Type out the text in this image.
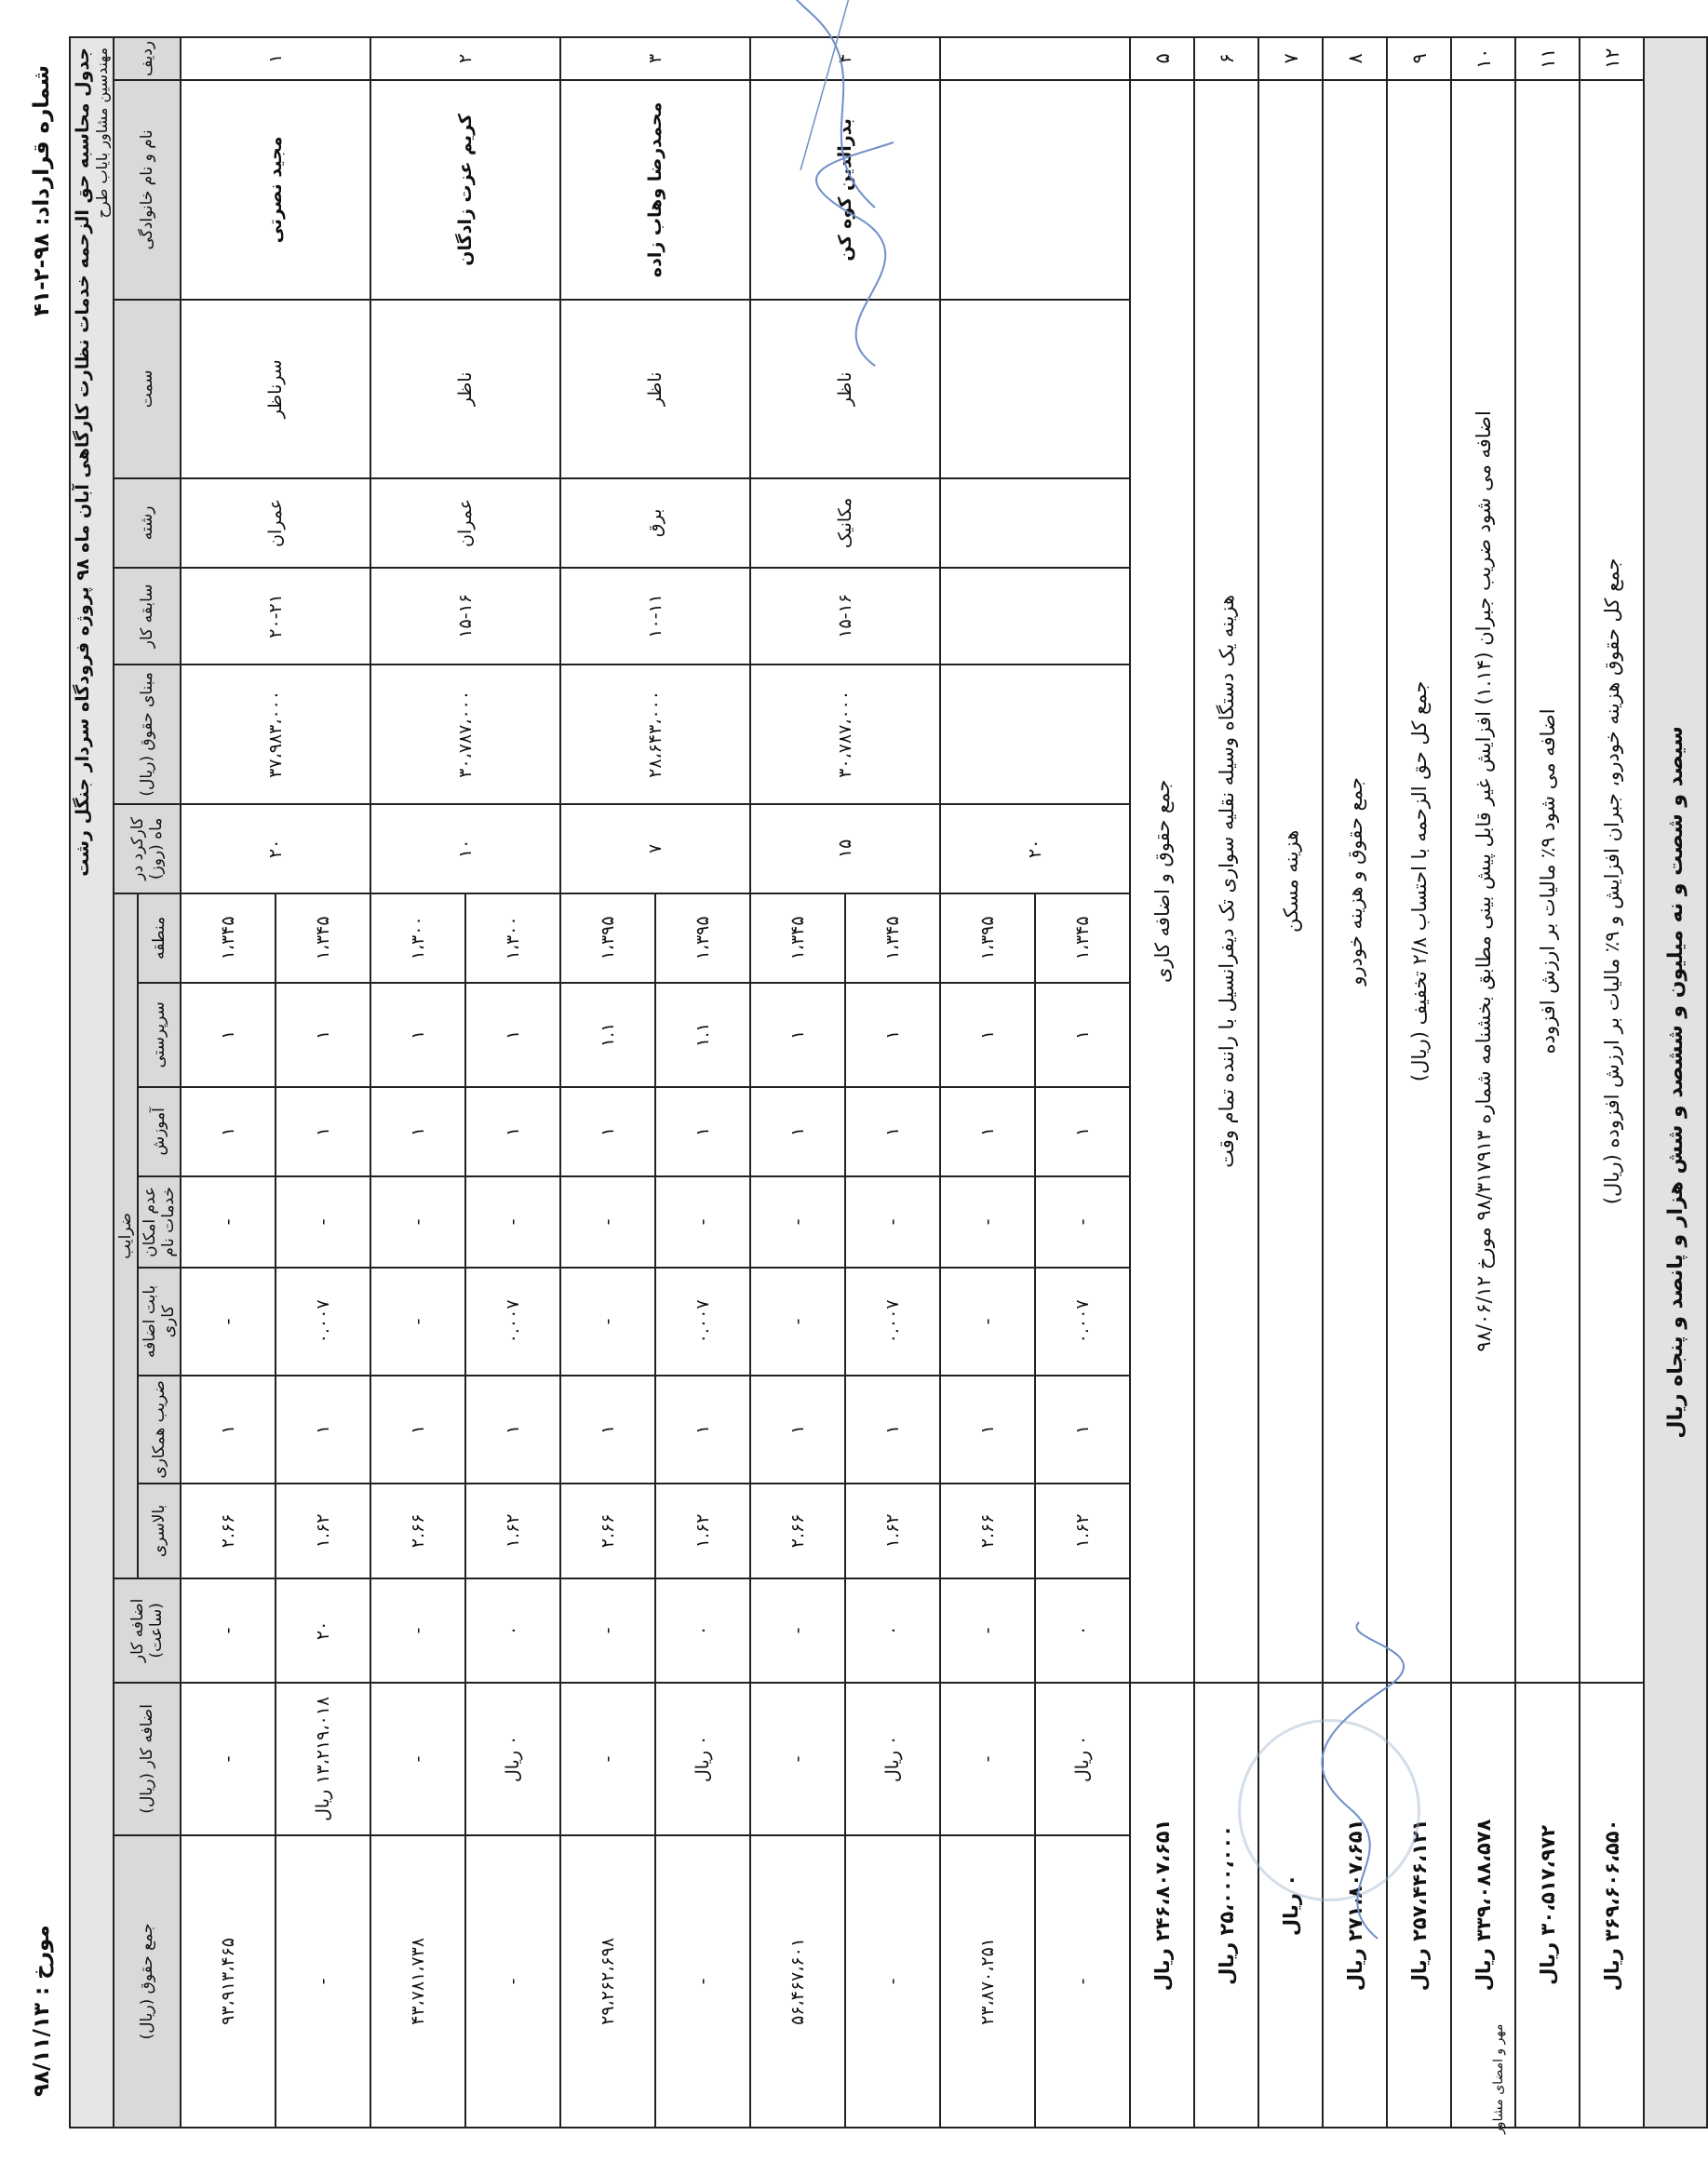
شماره قرارداد: ۹۸-۲-۴۱
مورخ : ۹۸/۱۱/۱۳
جدول محاسبه حق الزحمه خدمات نظارت کارگاهی آبان ماه ۹۸ پروژه فرودگاه سردار جنگل رشت مهندسین مشاور بایاب طرح																

ردیف	نام و نام خانوادگی	سمت	رشته	سابقه کار	مبنای حقوق (ریال)	کارکرد در ماه (روز)	ضرایب							اضافه کار (ساعت)	اضافه کار (ریال)	جمع حقوق (ریال)
							منطقه	سرپرستی	آموزش	عدم امکان خدمات نام	بابت اضافه کاری	ضریب همکاری	بالاسری			
۱	مجید نصرتی	سرناظر	عمران	۲۰-۲۱	۳۷،۹۸۳،۰۰۰	۲۰	۱،۳۴۵	۱	۱	-	-	۱	۲.۶۶	-	-	۹۳،۹۱۳،۴۶۵
							۱،۳۴۵	۱	۱	-	۰.۰۰۷	۱	۱.۶۲	۲۰	۱۳،۲۱۹،۰۱۸ ریال	-
۲	کریم عزت زادگان	ناظر	عمران	۱۵-۱۶	۳۰،۷۸۷،۰۰۰	۱۰	۱،۳۰۰	۱	۱	-	-	۱	۲.۶۶	-	-	۴۳،۷۸۱،۷۳۸
							۱،۳۰۰	۱	۱	-	۰.۰۰۷	۱	۱.۶۲	۰	۰ ریال	-
۳	محمدرضا وهاب زاده	ناظر	برق	۱۰-۱۱	۲۸،۶۴۳،۰۰۰	۷	۱،۳۹۵	۱.۱	۱	-	-	۱	۲.۶۶	-	-	۲۹،۲۶۲،۶۹۸
							۱،۳۹۵	۱.۱	۱	-	۰.۰۰۷	۱	۱.۶۲	۰	۰ ریال	-
۴	بدرالدین کوه کن	ناظر	مکانیک	۱۵-۱۶	۳۰،۷۸۷،۰۰۰	۱۵	۱،۳۴۵	۱	۱	-	-	۱	۲.۶۶	-	-	۵۶،۴۶۷،۶۰۱
							۱،۳۴۵	۱	۱	-	۰.۰۰۷	۱	۱.۶۲	۰	۰ ریال	-
						۲۰	۱،۳۹۵	۱	۱	-	-	۱	۲.۶۶	-	-	۲۳،۸۷۰،۲۵۱
							۱،۳۴۵	۱	۱	-	۰.۰۰۷	۱	۱.۶۲	۰	۰ ریال	-
۵	جمع حقوق و اضافه کاری														۲۴۶،۸۰۷،۶۵۱ ریال	
۶	هزینه یک دستگاه وسیله نقلیه سواری تک دیفرانسیل با راننده تمام وقت														۲۵،۰۰۰،۰۰۰ ریال	
۷	هزینه مسکن														۰ ریال	
۸	جمع حقوق و هزینه خودرو														۲۷۱،۸۰۷،۶۵۱ ریال	
۹	جمع کل حق الزحمه با احتساب ۲/۸ تخفیف (ریال)														۲۵۷،۴۴۶،۱۲۱ ریال	
۱۰	اضافه می شود ضریب جبران (۱.۱۴) افزایش غیر قابل پیش بینی مطابق بخشنامه شماره ۹۸/۳۱۷۹۱۳ مورخ ۹۸/۰۶/۱۲														۳۳۹،۰۸۸،۵۷۸ ریال	
۱۱	اضافه می شود ۹٪ مالیات بر ارزش افزوده														۳۰،۵۱۷،۹۷۲ ریال	
۱۲	جمع کل حقوق هزینه خودرو، جبران افزایش و ۹٪ مالیات بر ارزش افزوده (ریال)														۳۶۹،۶۰۶،۵۵۰ ریال	
سیصد و شصت و نه میلیون و ششصد و شش هزار و پانصد و پنجاه ریال																
مهر و امضای مشاور
